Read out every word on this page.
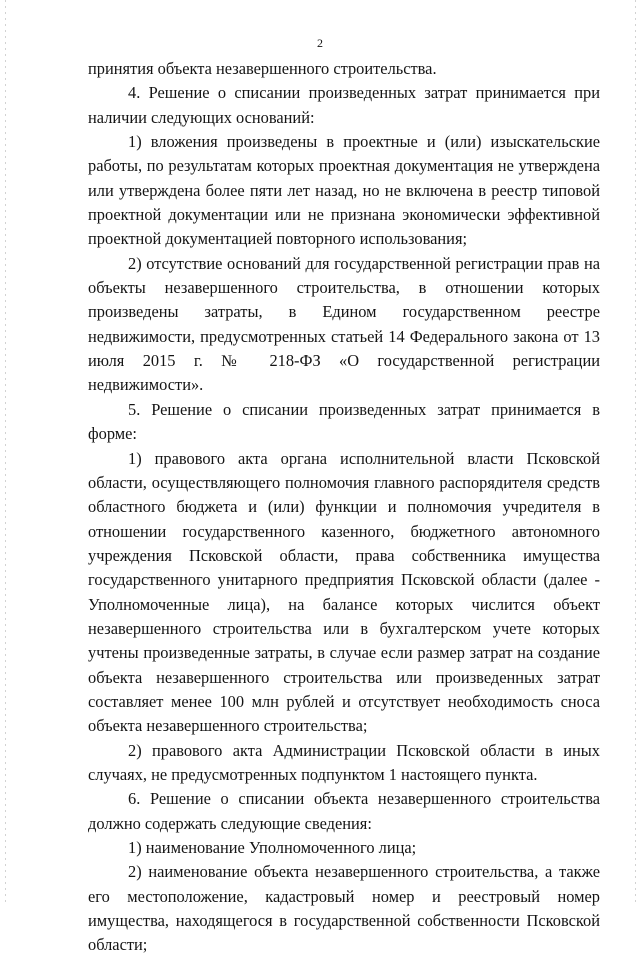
2

принятия объекта незавершенного строительства.

4. Решение о списании произведенных затрат принимается при наличии следующих оснований:

1) вложения произведены в проектные и (или) изыскательские работы, по результатам которых проектная документация не утверждена или утверждена более пяти лет назад, но не включена в реестр типовой проектной документации или не признана экономически эффективной проектной документацией повторного использования;

2) отсутствие оснований для государственной регистрации прав на объекты незавершенного строительства, в отношении которых произведены затраты, в Едином государственном реестре недвижимости, предусмотренных статьей 14 Федерального закона от 13 июля 2015 г. № 218-ФЗ «О государственной регистрации недвижимости».

5. Решение о списании произведенных затрат принимается в форме:

1) правового акта органа исполнительной власти Псковской области, осуществляющего полномочия главного распорядителя средств областного бюджета и (или) функции и полномочия учредителя в отношении государственного казенного, бюджетного автономного учреждения Псковской области, права собственника имущества государственного унитарного предприятия Псковской области (далее - Уполномоченные лица), на балансе которых числится объект незавершенного строительства или в бухгалтерском учете которых учтены произведенные затраты, в случае если размер затрат на создание объекта незавершенного строительства или произведенных затрат составляет менее 100 млн рублей и отсутствует необходимость сноса объекта незавершенного строительства;

2) правового акта Администрации Псковской области в иных случаях, не предусмотренных подпунктом 1 настоящего пункта.

6. Решение о списании объекта незавершенного строительства должно содержать следующие сведения:

1) наименование Уполномоченного лица;

2) наименование объекта незавершенного строительства, а также его местоположение, кадастровый номер и реестровый номер имущества, находящегося в государственной собственности Псковской области;
